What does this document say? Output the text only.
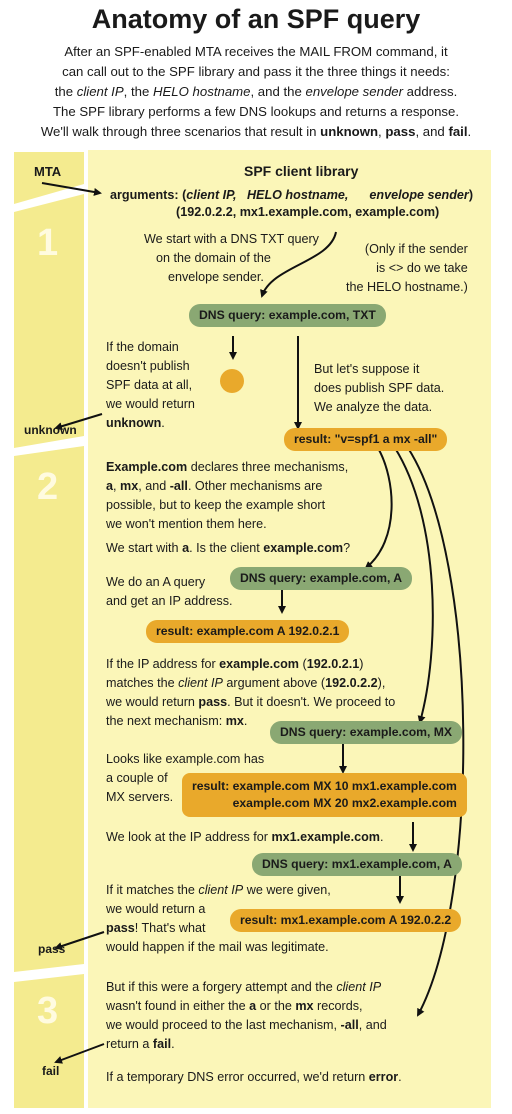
Anatomy of an SPF query
After an SPF-enabled MTA receives the MAIL FROM command, it
can call out to the SPF library and pass it the three things it needs:
the client IP, the HELO hostname, and the envelope sender address.
The SPF library performs a few DNS lookups and returns a response.
We'll walk through three scenarios that result in unknown, pass, and fail.
MTA
1
2
3
unknown
pass
fail
SPF client library
arguments: (client IP, HELO hostname, envelope sender)
(192.0.2.2, mx1.example.com, example.com)
We start with a DNS TXT query
on the domain of the
envelope sender.
(Only if the sender
is <> do we take
the HELO hostname.)
DNS query: example.com, TXT
If the domain
doesn't publish
SPF data at all,
we would return
unknown.
But let's suppose it
does publish SPF data.
We analyze the data.
result: "v=spf1 a mx -all"
Example.com declares three mechanisms,
a, mx, and -all. Other mechanisms are
possible, but to keep the example short
we won't mention them here.
We start with a. Is the client example.com?
We do an A query
and get an IP address.
DNS query: example.com, A
result: example.com A 192.0.2.1
If the IP address for example.com (192.0.2.1)
matches the client IP argument above (192.0.2.2),
we would return pass. But it doesn't. We proceed to
the next mechanism: mx.
DNS query: example.com, MX
Looks like example.com has
a couple of
MX servers.
result: example.com MX 10 mx1.example.com
example.com MX 20 mx2.example.com
We look at the IP address for mx1.example.com.
DNS query: mx1.example.com, A
If it matches the client IP we were given,
we would return a
pass! That's what
would happen if the mail was legitimate.
result: mx1.example.com A 192.0.2.2
But if this were a forgery attempt and the client IP
wasn't found in either the a or the mx records,
we would proceed to the last mechanism, -all, and
return a fail.
If a temporary DNS error occurred, we'd return error.
